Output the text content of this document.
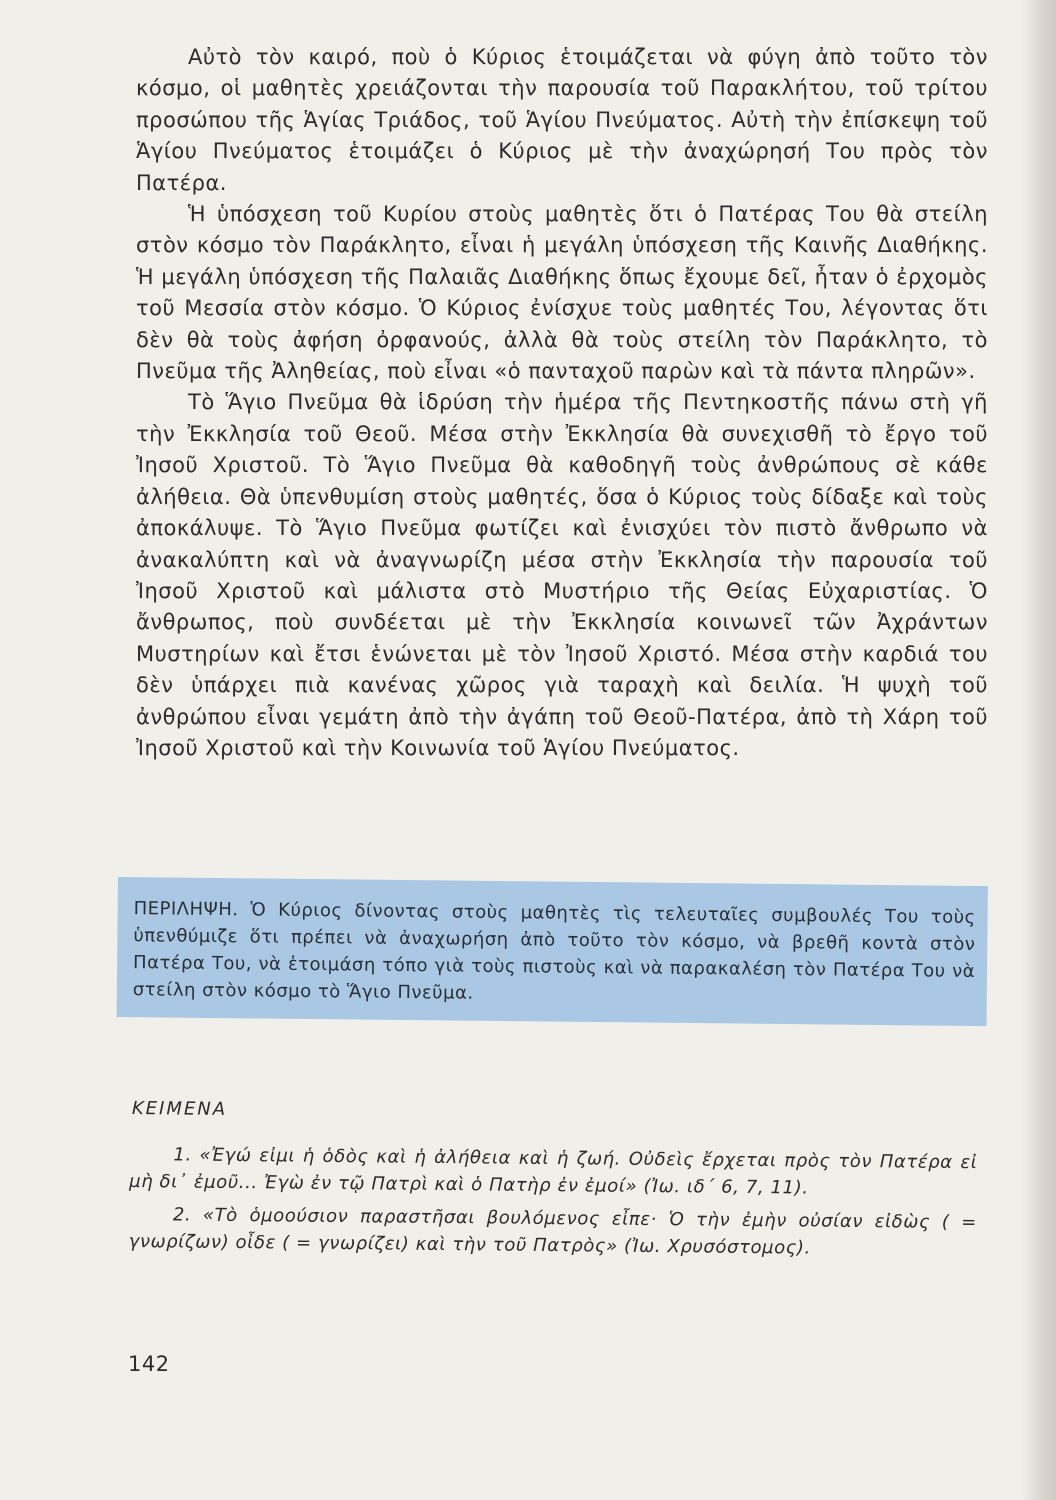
Αὐτὸ τὸν καιρό, ποὺ ὁ Κύριος ἑτοιμάζεται νὰ φύγη ἀπὸ τοῦτο τὸν κόσμο, οἱ μαθητὲς χρειάζονται τὴν παρουσία τοῦ Παρακλήτου, τοῦ τρίτου προσώπου τῆς Ἁγίας Τριάδος, τοῦ Ἁγίου Πνεύματος. Αὐτὴ τὴν ἐπίσκεψη τοῦ Ἁγίου Πνεύματος ἑτοιμάζει ὁ Κύριος μὲ τὴν ἀναχώρησή Του πρὸς τὸν Πατέρα.

Ἡ ὑπόσχεση τοῦ Κυρίου στοὺς μαθητὲς ὅτι ὁ Πατέρας Του θὰ στείλη στὸν κόσμο τὸν Παράκλητο, εἶναι ἡ μεγάλη ὑπόσχεση τῆς Καινῆς Διαθήκης. Ἡ μεγάλη ὑπόσχεση τῆς Παλαιᾶς Διαθήκης ὅπως ἔχουμε δεῖ, ἦταν ὁ ἐρχομὸς τοῦ Μεσσία στὸν κόσμο. Ὁ Κύριος ἐνίσχυε τοὺς μαθητές Του, λέγοντας ὅτι δὲν θὰ τοὺς ἀφήση ὀρφανούς, ἀλλὰ θὰ τοὺς στείλη τὸν Παράκλητο, τὸ Πνεῦμα τῆς Ἀληθείας, ποὺ εἶναι «ὁ πανταχοῦ παρὼν καὶ τὰ πάντα πληρῶν».

Τὸ Ἅγιο Πνεῦμα θὰ ἱδρύση τὴν ἡμέρα τῆς Πεντηκοστῆς πάνω στὴ γῆ τὴν Ἐκκλησία τοῦ Θεοῦ. Μέσα στὴν Ἐκκλησία θὰ συνεχισθῆ τὸ ἔργο τοῦ Ἰησοῦ Χριστοῦ. Τὸ Ἅγιο Πνεῦμα θὰ καθοδηγῆ τοὺς ἀνθρώπους σὲ κάθε ἀλήθεια. Θὰ ὑπενθυμίση στοὺς μαθητές, ὅσα ὁ Κύριος τοὺς δίδαξε καὶ τοὺς ἀποκάλυψε. Τὸ Ἅγιο Πνεῦμα φωτίζει καὶ ἐνισχύει τὸν πιστὸ ἄνθρωπο νὰ ἀνακαλύπτη καὶ νὰ ἀναγνωρίζη μέσα στὴν Ἐκκλησία τὴν παρουσία τοῦ Ἰησοῦ Χριστοῦ καὶ μάλιστα στὸ Μυστήριο τῆς Θείας Εὐχαριστίας. Ὁ ἄνθρωπος, ποὺ συνδέεται μὲ τὴν Ἐκκλησία κοινωνεῖ τῶν Ἀχράντων Μυστηρίων καὶ ἔτσι ἑνώνεται μὲ τὸν Ἰησοῦ Χριστό. Μέσα στὴν καρδιά του δὲν ὑπάρχει πιὰ κανένας χῶρος γιὰ ταραχὴ καὶ δειλία. Ἡ ψυχὴ τοῦ ἀνθρώπου εἶναι γεμάτη ἀπὸ τὴν ἀγάπη τοῦ Θεοῦ-Πατέρα, ἀπὸ τὴ Χάρη τοῦ Ἰησοῦ Χριστοῦ καὶ τὴν Κοινωνία τοῦ Ἁγίου Πνεύματος.

ΠΕΡΙΛΗΨΗ. Ὁ Κύριος δίνοντας στοὺς μαθητὲς τὶς τελευταῖες συμβουλές Του τοὺς ὑπενθύμιζε ὅτι πρέπει νὰ ἀναχωρήση ἀπὸ τοῦτο τὸν κόσμο, νὰ βρεθῆ κοντὰ στὸν Πατέρα Του, νὰ ἑτοιμάση τόπο γιὰ τοὺς πιστοὺς καὶ νὰ παρακαλέση τὸν Πατέρα Του νὰ στείλη στὸν κόσμο τὸ Ἅγιο Πνεῦμα.

ΚΕΙΜΕΝΑ

1. «Ἐγώ εἰμι ἡ ὁδὸς καὶ ἡ ἀλήθεια καὶ ἡ ζωή. Οὐδεὶς ἔρχεται πρὸς τὸν Πατέρα εἰ μὴ δι᾽ ἐμοῦ... Ἐγὼ ἐν τῷ Πατρὶ καὶ ὁ Πατὴρ ἐν ἐμοί» (Ἰω. ιδ΄ 6, 7, 11).

2. «Τὸ ὁμοούσιον παραστῆσαι βουλόμενος εἶπε· Ὁ τὴν ἐμὴν οὐσίαν εἰδὼς ( = γνωρίζων) οἶδε ( = γνωρίζει) καὶ τὴν τοῦ Πατρὸς» (Ἰω. Χρυσόστομος).

142
